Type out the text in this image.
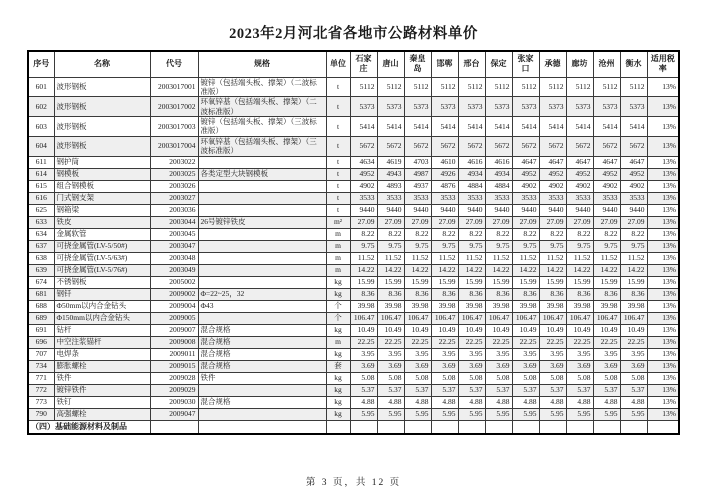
2023年2月河北省各地市公路材料单价
序号	名称	代号	规格	单位	石家庄	唐山	秦皇岛	邯郸	邢台	保定	张家口	承德	廊坊	沧州	衡水	适用税率
601	波形钢板	2003017001	镀锌（包括端头板、撑架）（二波标准版）	t	5112	5112	5112	5112	5112	5112	5112	5112	5112	5112	5112	13%
602	波形钢板	2003017002	环氧锌基（包括端头板、撑架）（二波标准版）	t	5373	5373	5373	5373	5373	5373	5373	5373	5373	5373	5373	13%
603	波形钢板	2003017003	镀锌（包括端头板、撑架）（三波标准版）	t	5414	5414	5414	5414	5414	5414	5414	5414	5414	5414	5414	13%
604	波形钢板	2003017004	环氧锌基（包括端头板、撑架）（三波标准版）	t	5672	5672	5672	5672	5672	5672	5672	5672	5672	5672	5672	13%
611	钢护筒	2003022		t	4634	4619	4703	4610	4616	4616	4647	4647	4647	4647	4647	13%
614	钢模板	2003025	各类定型大块钢模板	t	4952	4943	4987	4926	4934	4934	4952	4952	4952	4952	4952	13%
615	组合钢模板	2003026		t	4902	4893	4937	4876	4884	4884	4902	4902	4902	4902	4902	13%
616	门式钢支架	2003027		t	3533	3533	3533	3533	3533	3533	3533	3533	3533	3533	3533	13%
625	钢箱梁	2003036		t	9440	9440	9440	9440	9440	9440	9440	9440	9440	9440	9440	13%
633	铁皮	2003044	26号镀锌铁皮	m²	27.09	27.09	27.09	27.09	27.09	27.09	27.09	27.09	27.09	27.09	27.09	13%
634	金属软管	2003045		m	8.22	8.22	8.22	8.22	8.22	8.22	8.22	8.22	8.22	8.22	8.22	13%
637	可挠金属管(LV-5/50#)	2003047		m	9.75	9.75	9.75	9.75	9.75	9.75	9.75	9.75	9.75	9.75	9.75	13%
638	可挠金属管(LV-5/63#)	2003048		m	11.52	11.52	11.52	11.52	11.52	11.52	11.52	11.52	11.52	11.52	11.52	13%
639	可挠金属管(LV-5/76#)	2003049		m	14.22	14.22	14.22	14.22	14.22	14.22	14.22	14.22	14.22	14.22	14.22	13%
674	不锈钢板	2005002		kg	15.99	15.99	15.99	15.99	15.99	15.99	15.99	15.99	15.99	15.99	15.99	13%
681	钢钎	2009002	Φ=22~25，32	kg	8.36	8.36	8.36	8.36	8.36	8.36	8.36	8.36	8.36	8.36	8.36	13%
688	Φ50mm以内合金钻头	2009004	Φ43	个	39.98	39.98	39.98	39.98	39.98	39.98	39.98	39.98	39.98	39.98	39.98	13%
689	Φ150mm以内合金钻头	2009005		个	106.47	106.47	106.47	106.47	106.47	106.47	106.47	106.47	106.47	106.47	106.47	13%
691	钻杆	2009007	混合规格	kg	10.49	10.49	10.49	10.49	10.49	10.49	10.49	10.49	10.49	10.49	10.49	13%
696	中空注浆锚杆	2009008	混合规格	m	22.25	22.25	22.25	22.25	22.25	22.25	22.25	22.25	22.25	22.25	22.25	13%
707	电焊条	2009011	混合规格	kg	3.95	3.95	3.95	3.95	3.95	3.95	3.95	3.95	3.95	3.95	3.95	13%
734	膨胀螺栓	2009015	混合规格	套	3.69	3.69	3.69	3.69	3.69	3.69	3.69	3.69	3.69	3.69	3.69	13%
771	铁件	2009028	铁件	kg	5.08	5.08	5.08	5.08	5.08	5.08	5.08	5.08	5.08	5.08	5.08	13%
772	镀锌铁件	2009029		kg	5.37	5.37	5.37	5.37	5.37	5.37	5.37	5.37	5.37	5.37	5.37	13%
773	铁钉	2009030	混合规格	kg	4.88	4.88	4.88	4.88	4.88	4.88	4.88	4.88	4.88	4.88	4.88	13%
790	高强螺栓	2009047		kg	5.95	5.95	5.95	5.95	5.95	5.95	5.95	5.95	5.95	5.95	5.95	13%
（四）基础能源材料及制品																
第 3 页，共 12 页
